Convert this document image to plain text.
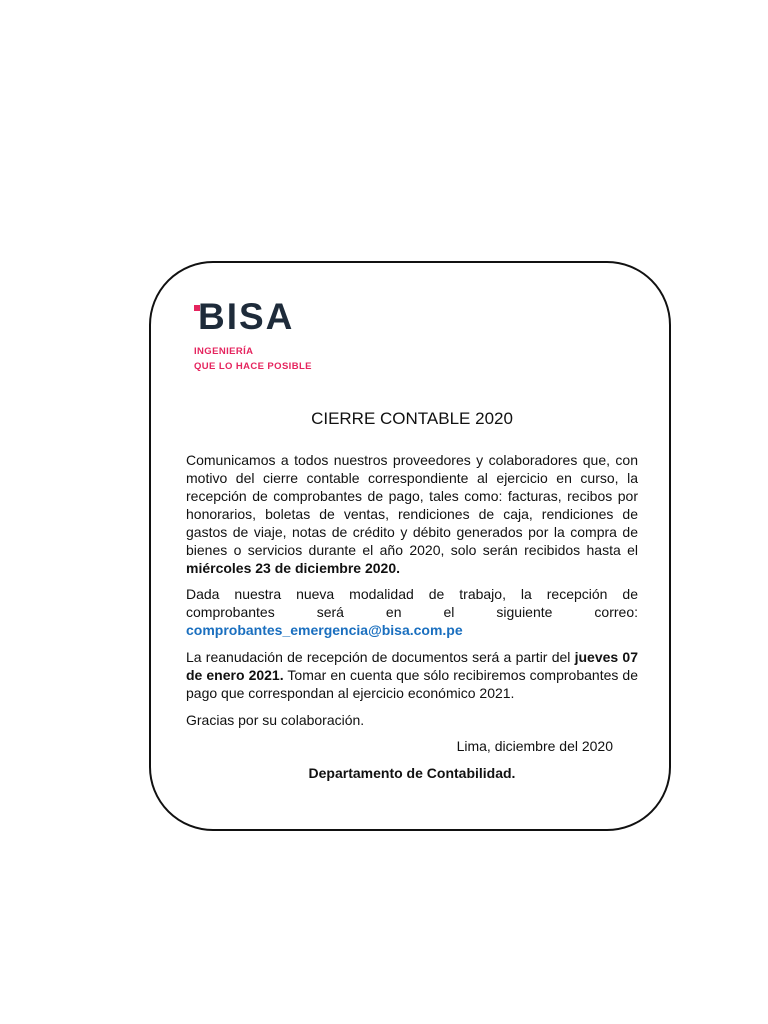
BISA
INGENIERÍA
QUE LO HACE POSIBLE
CIERRE CONTABLE 2020

Comunicamos a todos nuestros proveedores y colaboradores que, con motivo del cierre contable correspondiente al ejercicio en curso, la recepción de comprobantes de pago, tales como: facturas, recibos por honorarios, boletas de ventas, rendiciones de caja, rendiciones de gastos de viaje, notas de crédito y débito generados por la compra de bienes o servicios durante el año 2020, solo serán recibidos hasta el miércoles 23 de diciembre 2020.

Dada nuestra nueva modalidad de trabajo, la recepción de comprobantes será en el siguiente correo: comprobantes_emergencia@bisa.com.pe

La reanudación de recepción de documentos será a partir del jueves 07 de enero 2021. Tomar en cuenta que sólo recibiremos comprobantes de pago que correspondan al ejercicio económico 2021.

Gracias por su colaboración.

Lima, diciembre del 2020
Departamento de Contabilidad.
